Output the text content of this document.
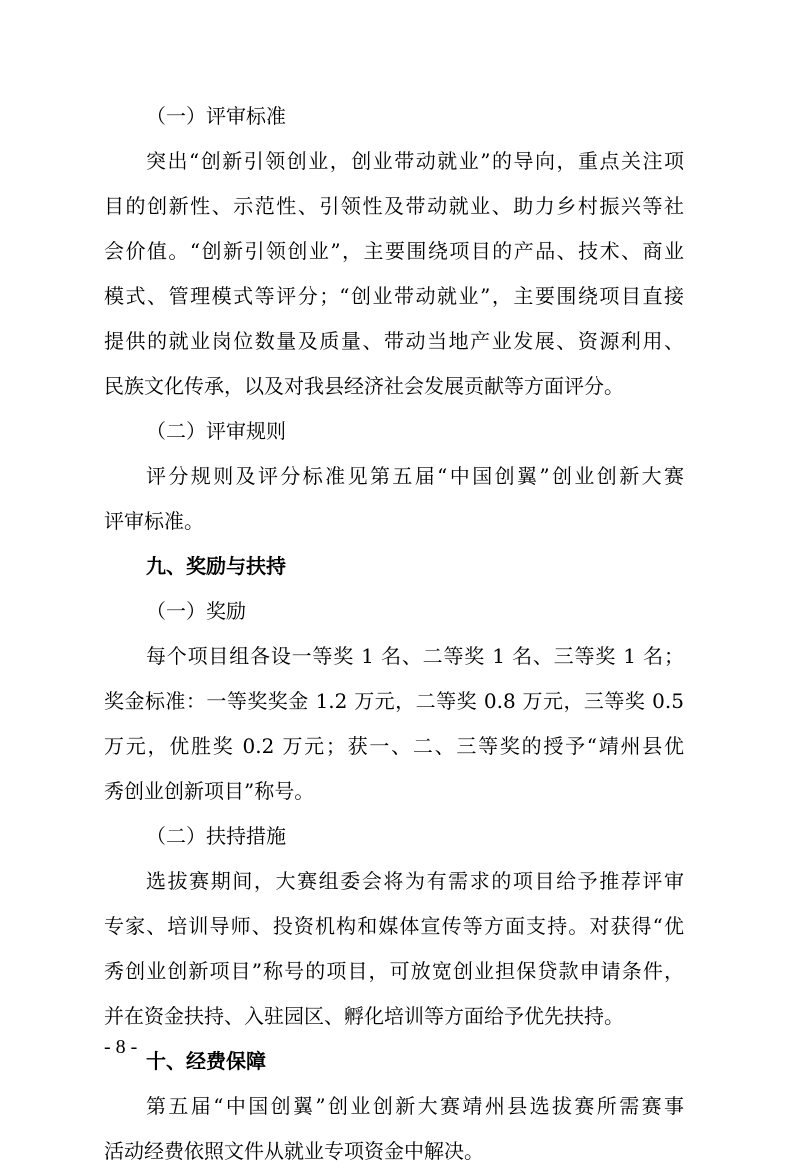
（一）评审标准
突出“创新引领创业，创业带动就业”的导向，重点关注项
目的创新性、示范性、引领性及带动就业、助力乡村振兴等社
会价值。“创新引领创业”，主要围绕项目的产品、技术、商业
模式、管理模式等评分；“创业带动就业”，主要围绕项目直接
提供的就业岗位数量及质量、带动当地产业发展、资源利用、
民族文化传承，以及对我县经济社会发展贡献等方面评分。
（二）评审规则
评分规则及评分标准见第五届“中国创翼”创业创新大赛
评审标准。
九、奖励与扶持
（一）奖励
每个项目组各设一等奖 1 名、二等奖 1 名、三等奖 1 名；
奖金标准：一等奖奖金 1.2 万元，二等奖 0.8 万元，三等奖 0.5
万元，优胜奖 0.2 万元；获一、二、三等奖的授予“靖州县优
秀创业创新项目”称号。
（二）扶持措施
选拔赛期间，大赛组委会将为有需求的项目给予推荐评审
专家、培训导师、投资机构和媒体宣传等方面支持。对获得“优
秀创业创新项目”称号的项目，可放宽创业担保贷款申请条件，
并在资金扶持、入驻园区、孵化培训等方面给予优先扶持。
十、经费保障
第五届“中国创翼”创业创新大赛靖州县选拔赛所需赛事
活动经费依照文件从就业专项资金中解决。
- 8 -
